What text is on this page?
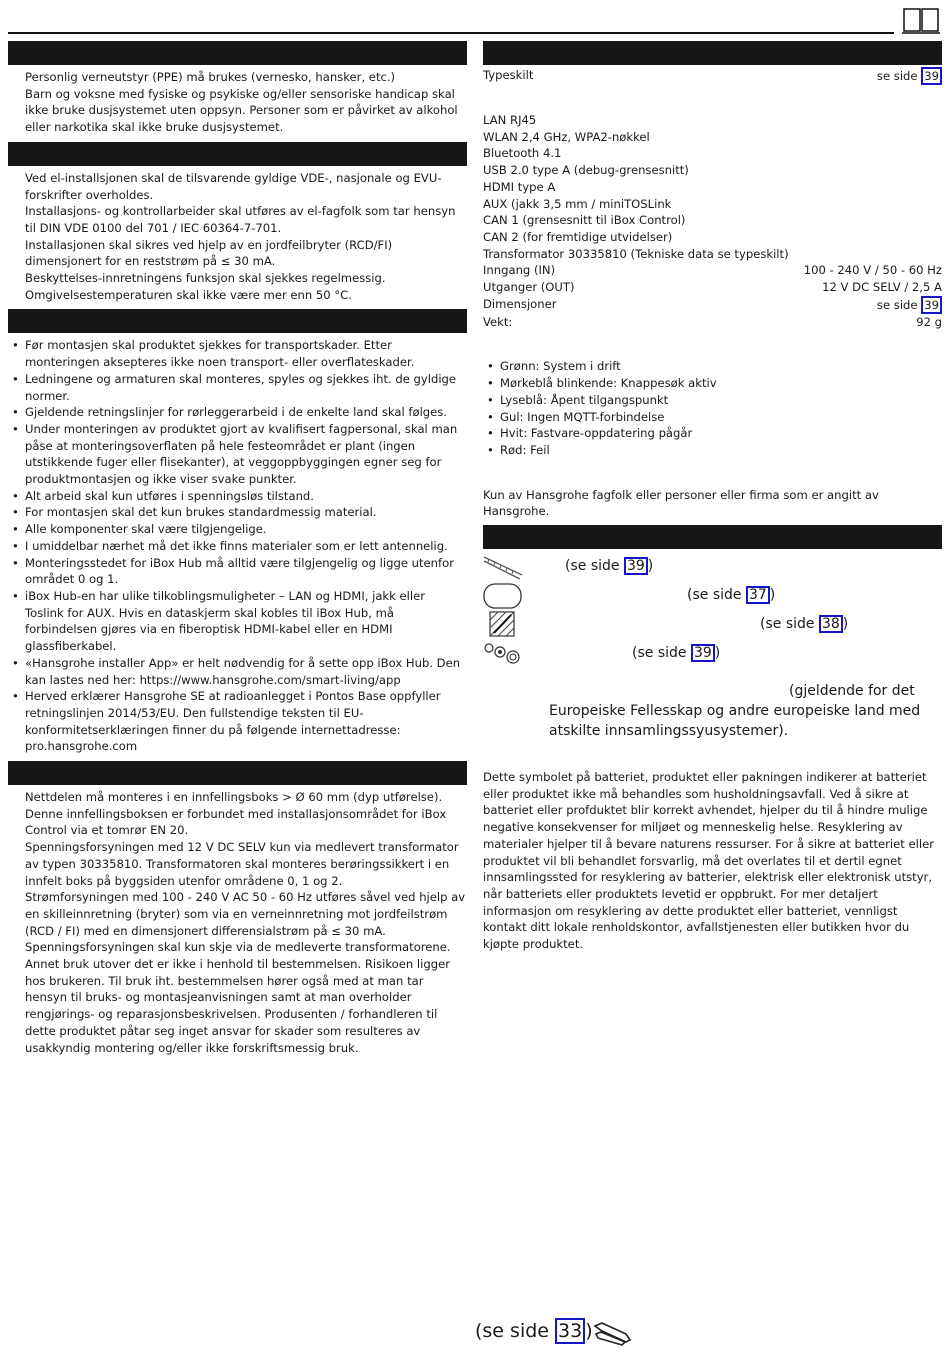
Personlig verneutstyr (PPE) må brukes (vernesko, hansker, etc.)

Barn og voksne med fysiske og psykiske og/eller sensoriske handicap skal ikke bruke dusjsystemet uten oppsyn. Personer som er påvirket av alkohol eller narkotika skal ikke bruke dusjsystemet.

Ved el-installsjonen skal de tilsvarende gyldige VDE-, nasjonale og EVU-forskrifter overholdes.

Installasjons- og kontrollarbeider skal utføres av el-fagfolk som tar hensyn til DIN VDE 0100 del 701 / IEC 60364-7-701.

Installasjonen skal sikres ved hjelp av en jordfeilbryter (RCD/FI) dimensjonert for en reststrøm på ≤ 30 mA.

Beskyttelses-innretningens funksjon skal sjekkes regelmessig.

Omgivelsestemperaturen skal ikke være mer enn 50 °C.

• Før montasjen skal produktet sjekkes for transportskader. Etter monteringen aksepteres ikke noen transport- eller overflateskader.
• Ledningene og armaturen skal monteres, spyles og sjekkes iht. de gyldige normer.
• Gjeldende retningslinjer for rørleggerarbeid i de enkelte land skal følges.
• Under monteringen av produktet gjort av kvalifisert fagpersonal, skal man påse at monteringsoverflaten på hele festeområdet er plant (ingen utstikkende fuger eller flisekanter), at veggoppbyggingen egner seg for produktmontasjen og ikke viser svake punkter.
• Alt arbeid skal kun utføres i spenningsløs tilstand.
• For montasjen skal det kun brukes standardmessig material.
• Alle komponenter skal være tilgjengelige.
• I umiddelbar nærhet må det ikke finns materialer som er lett antennelig.
• Monteringsstedet for iBox Hub må alltid være tilgjengelig og ligge utenfor området 0 og 1.
• iBox Hub-en har ulike tilkoblingsmuligheter – LAN og HDMI, jakk eller Toslink for AUX. Hvis en dataskjerm skal kobles til iBox Hub, må forbindelsen gjøres via en fiberoptisk HDMI-kabel eller en HDMI glassfiberkabel.
• «Hansgrohe installer App» er helt nødvendig for å sette opp iBox Hub. Den kan lastes ned her: https://www.hansgrohe.com/smart-living/app
• Herved erklærer Hansgrohe SE at radioanlegget i Pontos Base oppfyller retningslinjen 2014/53/EU. Den fullstendige teksten til EU-konformitetserklæringen finner du på følgende internettadresse: pro.hansgrohe.com

Nettdelen må monteres i en innfellingsboks > Ø 60 mm (dyp utførelse). Denne innfellingsboksen er forbundet med installasjonsområdet for iBox Control via et tomrør EN 20.

Spenningsforsyningen med 12 V DC SELV kun via medlevert transformator av typen 30335810. Transformatoren skal monteres berøringssikkert i en innfelt boks på byggsiden utenfor områdene 0, 1 og 2.

Strømforsyningen med 100 - 240 V AC 50 - 60 Hz utføres såvel ved hjelp av en skilleinnretning (bryter) som via en verneinnretning mot jordfeilstrøm (RCD / FI) med en dimensjonert differensialstrøm på ≤ 30 mA.

Spenningsforsyningen skal kun skje via de medleverte transformatorene. Annet bruk utover det er ikke i henhold til bestemmelsen. Risikoen ligger hos brukeren. Til bruk iht. bestemmelsen hører også med at man tar hensyn til bruks- og montasjeanvisningen samt at man overholder rengjørings- og reparasjonsbeskrivelsen. Produsenten / forhandleren til dette produktet påtar seg inget ansvar for skader som resulteres av usakkyndig montering og/eller ikke forskriftsmessig bruk.

Typeskilt	se side 39
LAN RJ45
WLAN 2,4 GHz, WPA2-nøkkel
Bluetooth 4.1
USB 2.0 type A (debug-grensesnitt)
HDMI type A
AUX (jakk 3,5 mm / miniTOSLink
CAN 1 (grensesnitt til iBox Control)
CAN 2 (for fremtidige utvidelser)
Transformator 30335810 (Tekniske data se typeskilt)
Inngang (IN)	100 - 240 V / 50 - 60 Hz
Utganger (OUT)	12 V DC SELV / 2,5 A
Dimensjoner	se side 39
Vekt:	92 g
• Grønn: System i drift
• Mørkeblå blinkende: Knappesøk aktiv
• Lyseblå: Åpent tilgangspunkt
• Gul: Ingen MQTT-forbindelse
• Hvit: Fastvare-oppdatering pågår
• Rød: Feil

Kun av Hansgrohe fagfolk eller personer eller firma som er angitt av Hansgrohe.

(se side 39 )
(se side 37 )
(se side 38 )
(se side 39 )
(gjeldende for det
Europeiske Fellesskap og andre europeiske land med atskilte innsamlingssyusystemer).

Dette symbolet på batteriet, produktet eller pakningen indikerer at batteriet eller produktet ikke må behandles som husholdningsavfall. Ved å sikre at batteriet eller profduktet blir korrekt avhendet, hjelper du til å hindre mulige negative konsekvenser for miljøet og menneskelig helse. Resyklering av materialer hjelper til å bevare naturens ressurser. For å sikre at batteriet eller produktet vil bli behandlet forsvarlig, må det overlates til et dertil egnet innsamlingssted for resyklering av batterier, elektrisk eller elektronisk utstyr, når batteriets eller produktets levetid er oppbrukt. For mer detaljert informasjon om resyklering av dette produktet eller batteriet, vennligst kontakt ditt lokale renholdskontor, avfallstjenesten eller butikken hvor du kjøpte produktet.

(se side 33 )
